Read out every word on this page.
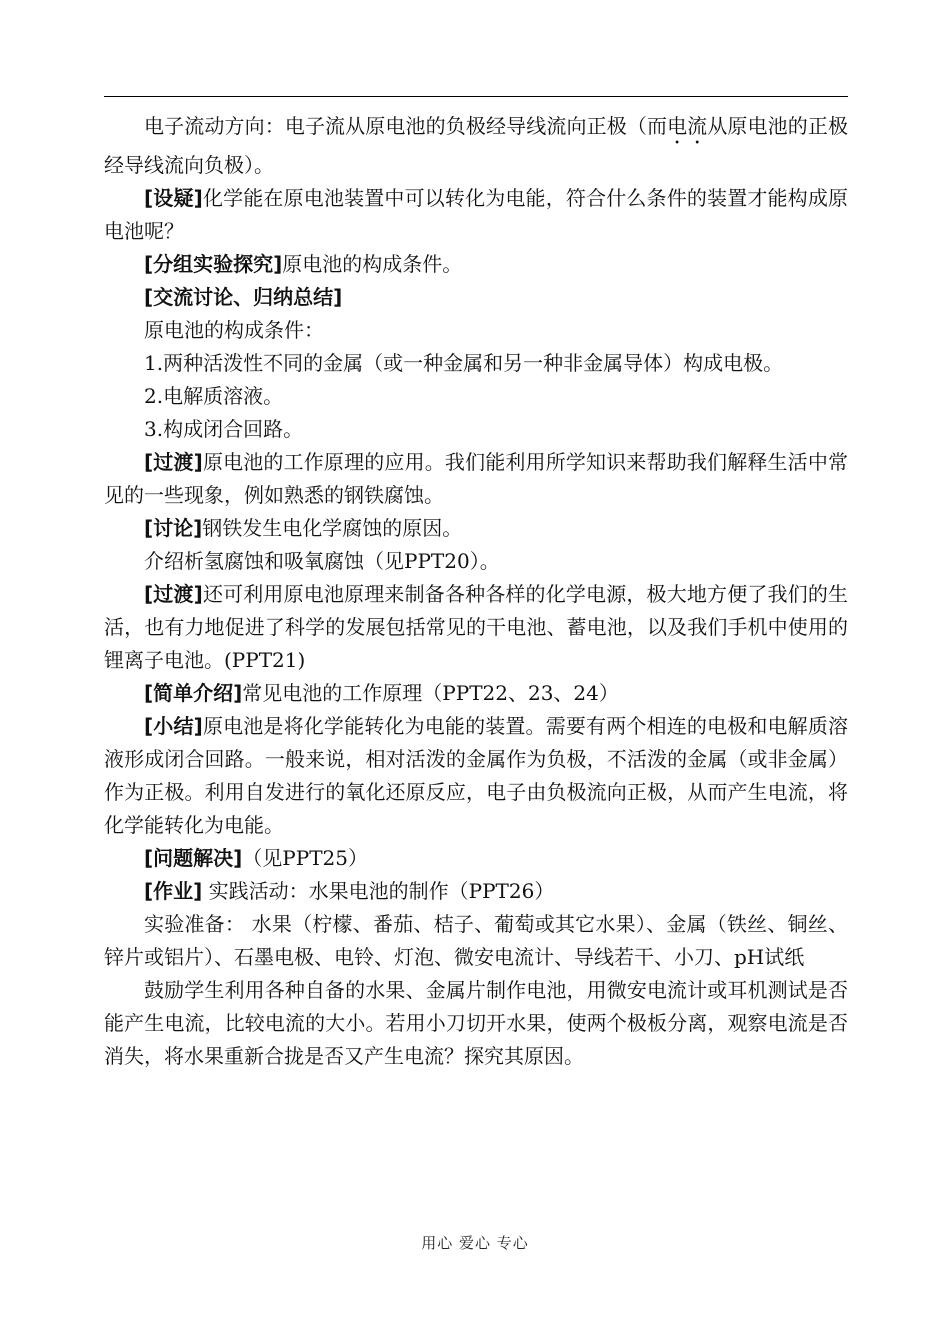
电子流动方向：电子流从原电池的负极经导线流向正极（而电流从原电池的正极经导线流向负极）。

[设疑]化学能在原电池装置中可以转化为电能，符合什么条件的装置才能构成原电池呢？

[分组实验探究]原电池的构成条件。

[交流讨论、归纳总结]

原电池的构成条件：

1.两种活泼性不同的金属（或一种金属和另一种非金属导体）构成电极。

2.电解质溶液。

3.构成闭合回路。

[过渡]原电池的工作原理的应用。我们能利用所学知识来帮助我们解释生活中常见的一些现象，例如熟悉的钢铁腐蚀。

[讨论]钢铁发生电化学腐蚀的原因。

介绍析氢腐蚀和吸氧腐蚀（见PPT20）。

[过渡]还可利用原电池原理来制备各种各样的化学电源，极大地方便了我们的生活，也有力地促进了科学的发展包括常见的干电池、蓄电池，以及我们手机中使用的锂离子电池。(PPT21)

[简单介绍]常见电池的工作原理（PPT22、23、24）

[小结]原电池是将化学能转化为电能的装置。需要有两个相连的电极和电解质溶液形成闭合回路。一般来说，相对活泼的金属作为负极，不活泼的金属（或非金属）作为正极。利用自发进行的氧化还原反应，电子由负极流向正极，从而产生电流，将化学能转化为电能。

[问题解决]（见PPT25）

[作业] 实践活动：水果电池的制作（PPT26）

实验准备： 水果（柠檬、番茄、桔子、葡萄或其它水果）、金属（铁丝、铜丝、锌片或铝片）、石墨电极、电铃、灯泡、微安电流计、导线若干、小刀、pH试纸

鼓励学生利用各种自备的水果、金属片制作电池，用微安电流计或耳机测试是否能产生电流，比较电流的大小。若用小刀切开水果，使两个极板分离，观察电流是否消失，将水果重新合拢是否又产生电流？探究其原因。

用心 爱心 专心
